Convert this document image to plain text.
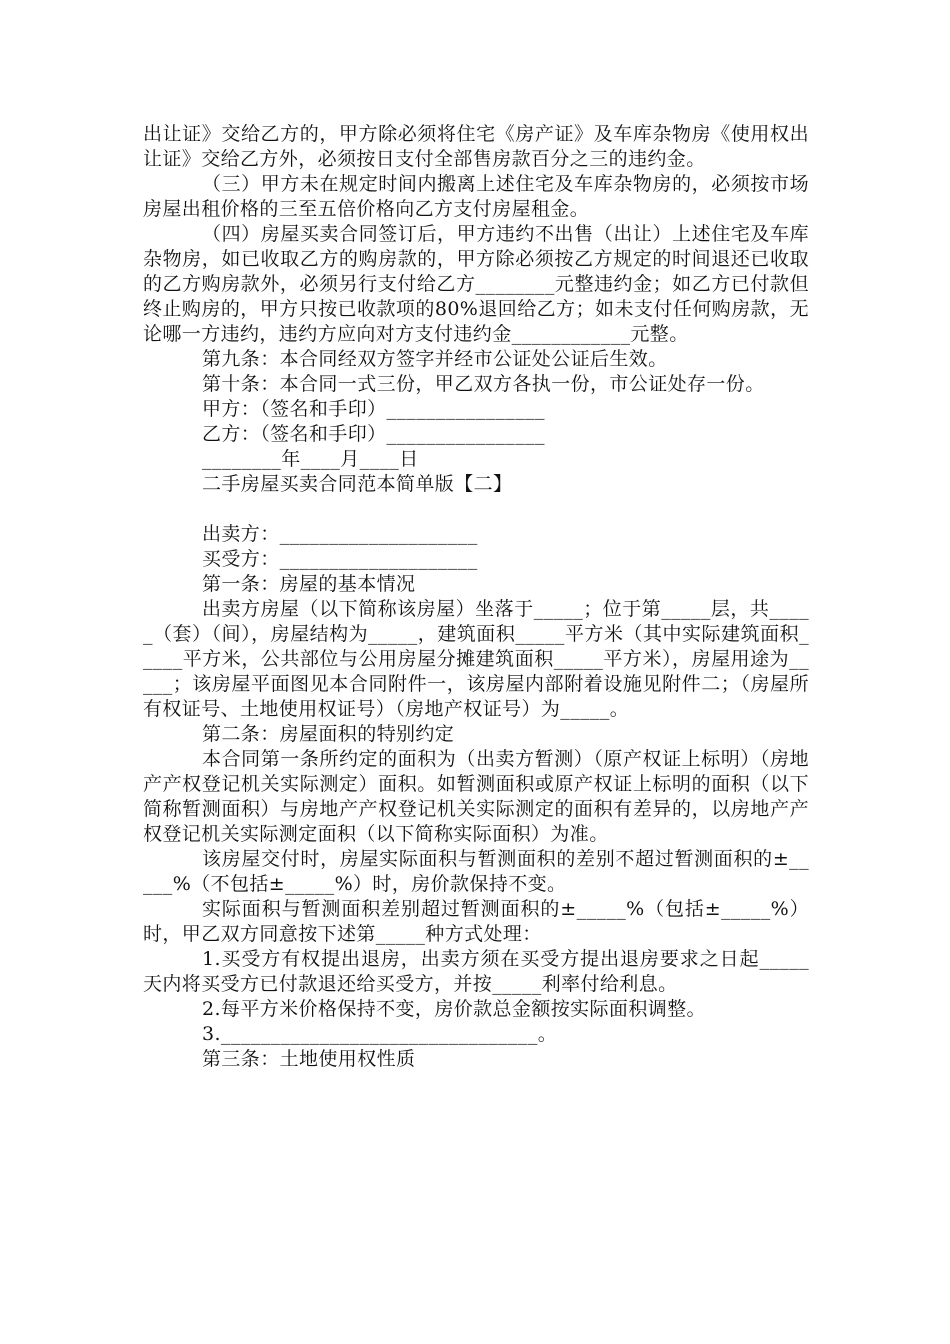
出让证》交给乙方的，甲方除必须将住宅《房产证》及车库杂物房《使用权出让证》交给乙方外，必须按日支付全部售房款百分之三的违约金。

（三）甲方未在规定时间内搬离上述住宅及车库杂物房的，必须按市场房屋出租价格的三至五倍价格向乙方支付房屋租金。

（四）房屋买卖合同签订后，甲方违约不出售（出让）上述住宅及车库杂物房，如已收取乙方的购房款的，甲方除必须按乙方规定的时间退还已收取的乙方购房款外，必须另行支付给乙方________元整违约金；如乙方已付款但终止购房的，甲方只按已收款项的80%退回给乙方；如未支付任何购房款，无论哪一方违约，违约方应向对方支付违约金____________元整。

第九条：本合同经双方签字并经市公证处公证后生效。

第十条：本合同一式三份，甲乙双方各执一份，市公证处存一份。

甲方：（签名和手印）________________

乙方：（签名和手印）________________

________年____月____日

二手房屋买卖合同范本简单版【二】

出卖方：____________________

买受方：____________________

第一条：房屋的基本情况

出卖方房屋（以下简称该房屋）坐落于_____；位于第_____层，共_____（套）（间），房屋结构为_____，建筑面积_____平方米（其中实际建筑面积_____平方米，公共部位与公用房屋分摊建筑面积_____平方米），房屋用途为_____；该房屋平面图见本合同附件一，该房屋内部附着设施见附件二；（房屋所有权证号、土地使用权证号）（房地产权证号）为_____。

第二条：房屋面积的特别约定

本合同第一条所约定的面积为（出卖方暂测）（原产权证上标明）（房地产产权登记机关实际测定）面积。如暂测面积或原产权证上标明的面积（以下简称暂测面积）与房地产产权登记机关实际测定的面积有差异的，以房地产产权登记机关实际测定面积（以下简称实际面积）为准。

该房屋交付时，房屋实际面积与暂测面积的差别不超过暂测面积的±_____%（不包括±_____%）时，房价款保持不变。

实际面积与暂测面积差别超过暂测面积的±_____%（包括±_____%）时，甲乙双方同意按下述第_____种方式处理：

1.买受方有权提出退房，出卖方须在买受方提出退房要求之日起_____天内将买受方已付款退还给买受方，并按_____利率付给利息。

2.每平方米价格保持不变，房价款总金额按实际面积调整。

3.________________________________。

第三条：土地使用权性质
